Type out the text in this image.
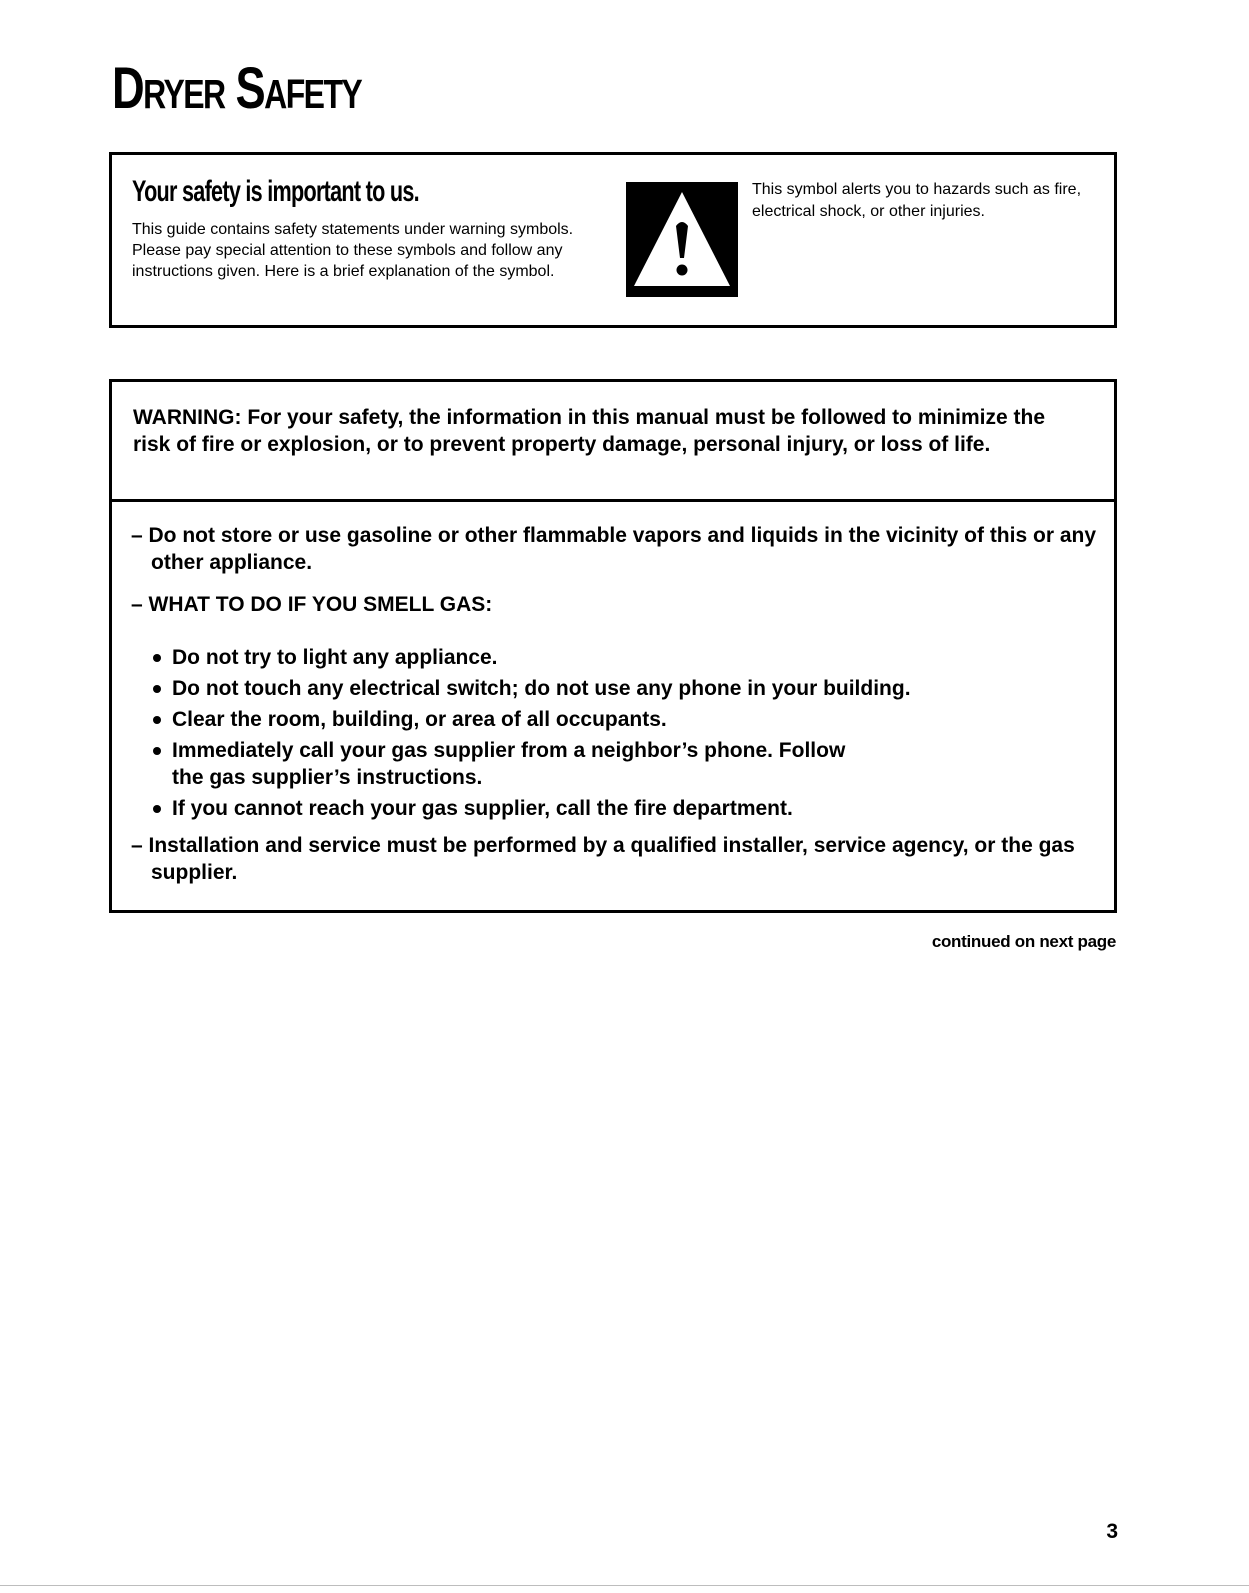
Dryer Safety
Your safety is important to us.

This guide contains safety statements under warning symbols. Please pay special attention to these symbols and follow any instructions given. Here is a brief explanation of the symbol.

This symbol alerts you to hazards such as fire, electrical shock, or other injuries.

WARNING: For your safety, the information in this manual must be followed to minimize the risk of fire or explosion, or to prevent property damage, personal injury, or loss of life.

– Do not store or use gasoline or other flammable vapors and liquids in the vicinity of this or any other appliance.

– WHAT TO DO IF YOU SMELL GAS:

Do not try to light any appliance.
Do not touch any electrical switch; do not use any phone in your building.
Clear the room, building, or area of all occupants.
Immediately call your gas supplier from a neighbor’s phone. Follow the gas supplier’s instructions.
If you cannot reach your gas supplier, call the fire department.

– Installation and service must be performed by a qualified installer, service agency, or the gas supplier.

continued on next page

3
